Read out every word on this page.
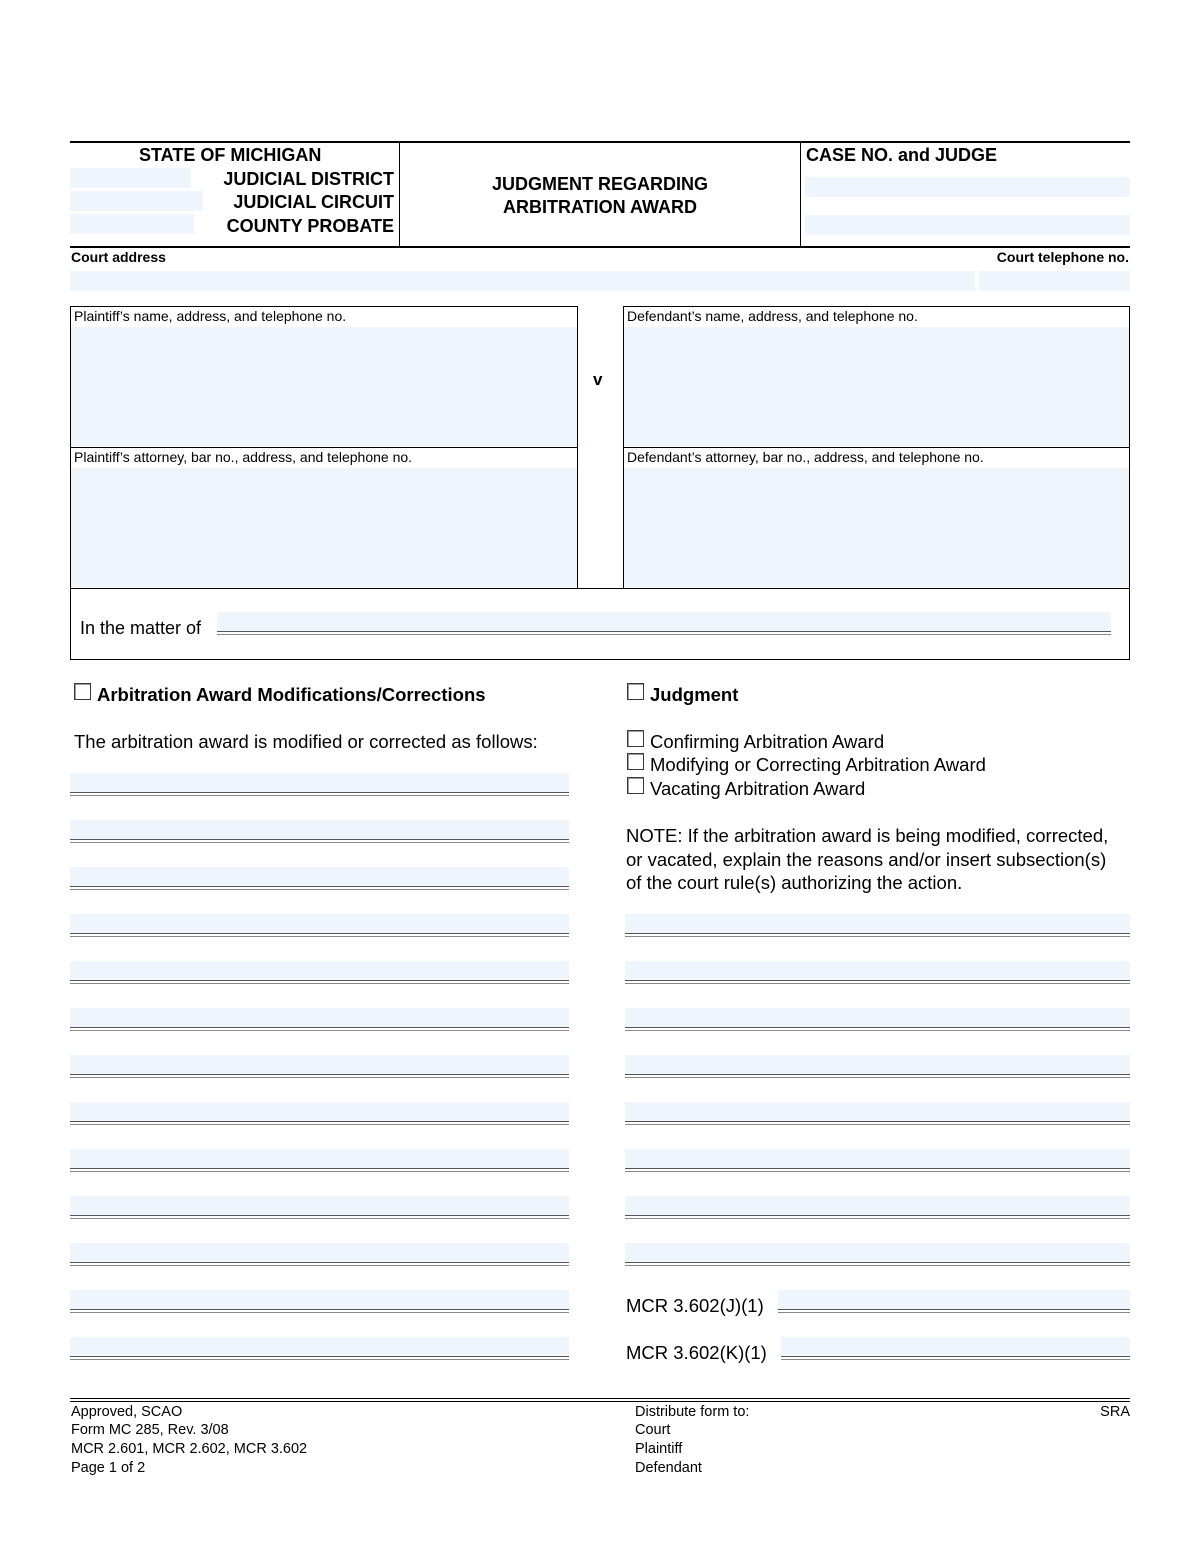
STATE OF MICHIGAN
JUDICIAL DISTRICT
JUDICIAL CIRCUIT
COUNTY PROBATE
JUDGMENT REGARDING
ARBITRATION AWARD
CASE NO. and JUDGE
Court address	Court telephone no.
Plaintiff’s name, address, and telephone no.
Plaintiff’s attorney, bar no., address, and telephone no.
v
Defendant’s name, address, and telephone no.
Defendant’s attorney, bar no., address, and telephone no.
In the matter of
Arbitration Award Modifications/Corrections
The arbitration award is modified or corrected as follows:
Judgment
Confirming Arbitration Award
Modifying or Correcting Arbitration Award
Vacating Arbitration Award
NOTE: If the arbitration award is being modified, corrected,
or vacated, explain the reasons and/or insert subsection(s)
of the court rule(s) authorizing the action.
MCR 3.602(J)(1)
MCR 3.602(K)(1)
Approved, SCAO
Form MC 285, Rev. 3/08
MCR 2.601, MCR 2.602, MCR 3.602
Page 1 of 2
Distribute form to:
Court
Plaintiff
Defendant
SRA
